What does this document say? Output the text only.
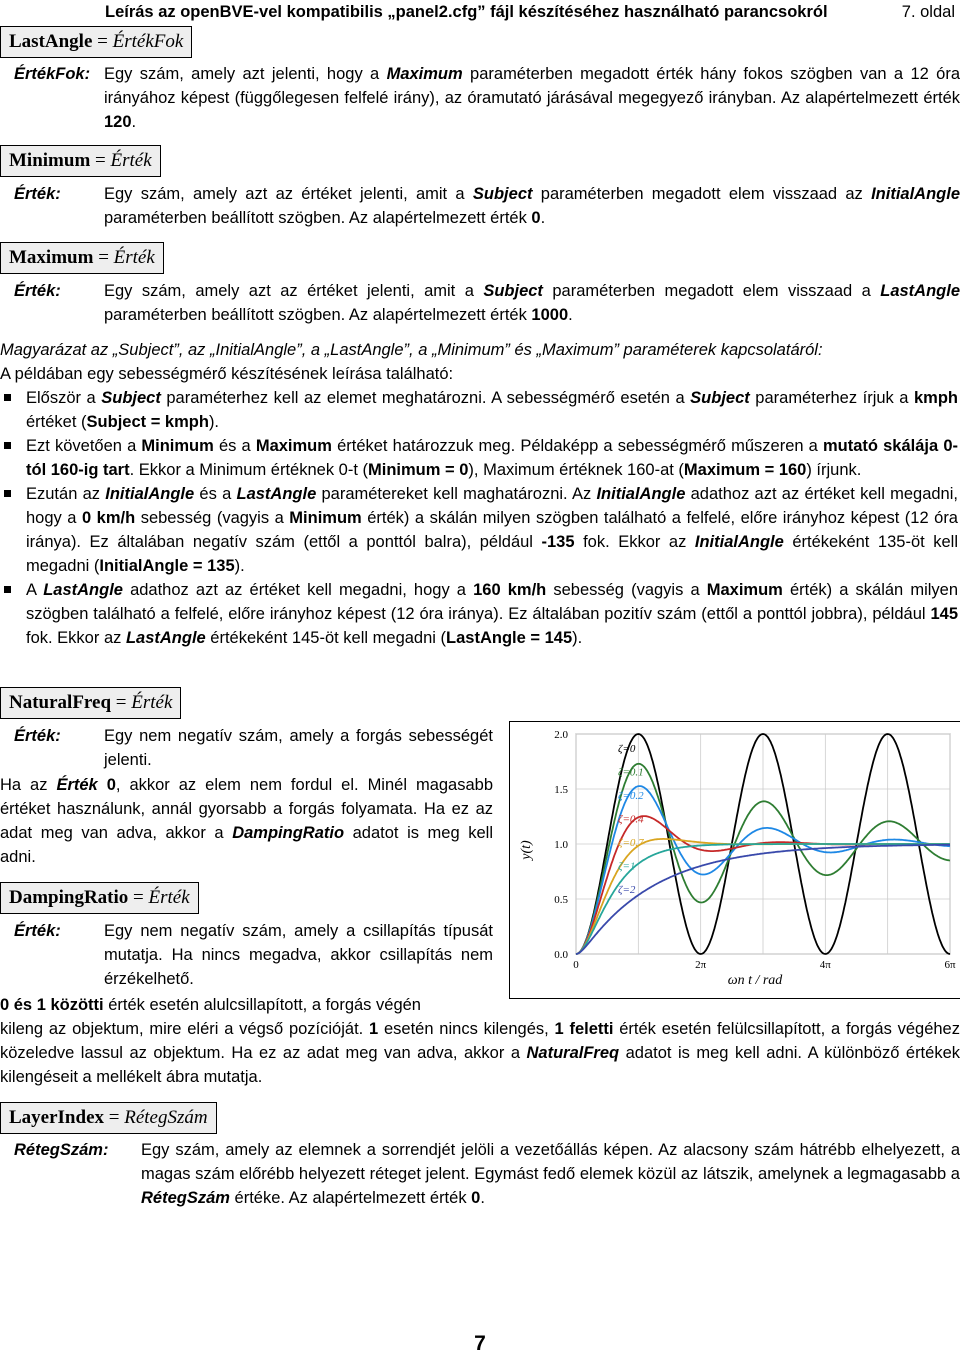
Leírás az openBVE-vel kompatibilis „panel2.cfg” fájl készítéséhez használható parancsokról	7. oldal
LastAngle = ÉrtékFok
ÉrtékFok: Egy szám, amely azt jelenti, hogy a Maximum paraméterben megadott érték hány fokos szögben van a 12 óra irányához képest (függőlegesen felfelé irány), az óramutató járásával megegyező irányban. Az alapértelmezett érték 120.
Minimum = Érték
Érték:	Egy szám, amely azt az értéket jelenti, amit a Subject paraméterben megadott elem visszaad az InitialAngle paraméterben beállított szögben. Az alapértelmezett érték 0.
Maximum = Érték
Érték:	Egy szám, amely azt az értéket jelenti, amit a Subject paraméterben megadott elem visszaad a LastAngle paraméterben beállított szögben. Az alapértelmezett érték 1000.
Magyarázat az „Subject”, az „InitialAngle”, a „LastAngle”, a „Minimum” és „Maximum” paraméterek kapcsolatáról:
A példában egy sebességmérő készítésének leírása található:
Először a Subject paraméterhez kell az elemet meghatározni. A sebességmérő esetén a Subject paraméterhez írjuk a kmph értéket (Subject = kmph).
Ezt követően a Minimum és a Maximum értéket határozzuk meg. Példaképp a sebességmérő műszeren a mutató skálája 0-tól 160-ig tart. Ekkor a Minimum értéknek 0-t (Minimum = 0), Maximum értéknek 160-at (Maximum = 160) írjunk.
Ezután az InitialAngle és a LastAngle paramétereket kell maghatározni. Az InitialAngle adathoz azt az értéket kell megadni, hogy a 0 km/h sebesség (vagyis a Minimum érték) a skálán milyen szögben található a felfelé, előre irányhoz képest (12 óra iránya). Ez általában negatív szám (ettől a ponttól balra), például -135 fok. Ekkor az InitialAngle értékeként 135-öt kell megadni (InitialAngle = 135).
A LastAngle adathoz azt az értéket kell megadni, hogy a 160 km/h sebesség (vagyis a Maximum érték) a skálán milyen szögben található a felfelé, előre irányhoz képest (12 óra iránya). Ez általában pozitív szám (ettől a ponttól jobbra), például 145 fok. Ekkor az LastAngle értékeként 145-öt kell megadni (LastAngle = 145).
NaturalFreq = Érték
Érték:	Egy nem negatív szám, amely a forgás sebességét jelenti.
Ha az Érték 0, akkor az elem nem fordul el. Minél magasabb értéket használunk, annál gyorsabb a forgás folyamata. Ha ez az adat meg van adva, akkor a DampingRatio adatot is meg kell adni.
DampingRatio = Érték
Érték:	Egy nem negatív szám, amely a csillapítás típusát mutatja. Ha nincs megadva, akkor csillapítás nem érzékelhető.
0 és 1 közötti érték esetén alulcsillapított, a forgás végén
kileng az objektum, mire eléri a végső pozícióját. 1 esetén nincs kilengés, 1 feletti érték esetén felülcsillapított, a forgás végéhez közeledve lassul az objektum. Ha ez az adat meg van adva, akkor a NaturalFreq adatot is meg kell adni. A különböző értékek kilengéseit a mellékelt ábra mutatja.
0.0
0.5
1.0
1.5
2.0
0	2π	4π	6π
ζ=0
ζ=0.1
ζ=0.2
ζ=0.4
ζ=0.7
ζ=1
ζ=2
y(t)
ωn t / rad
LayerIndex = RétegSzám
RétegSzám: Egy szám, amely az elemnek a sorrendjét jelöli a vezetőállás képen. Az alacsony szám hátrébb elhelyezett, a magas szám előrébb helyezett réteget jelent. Egymást fedő elemek közül az látszik, amelynek a legmagasabb a RétegSzám értéke. Az alapértelmezett érték 0.
7
